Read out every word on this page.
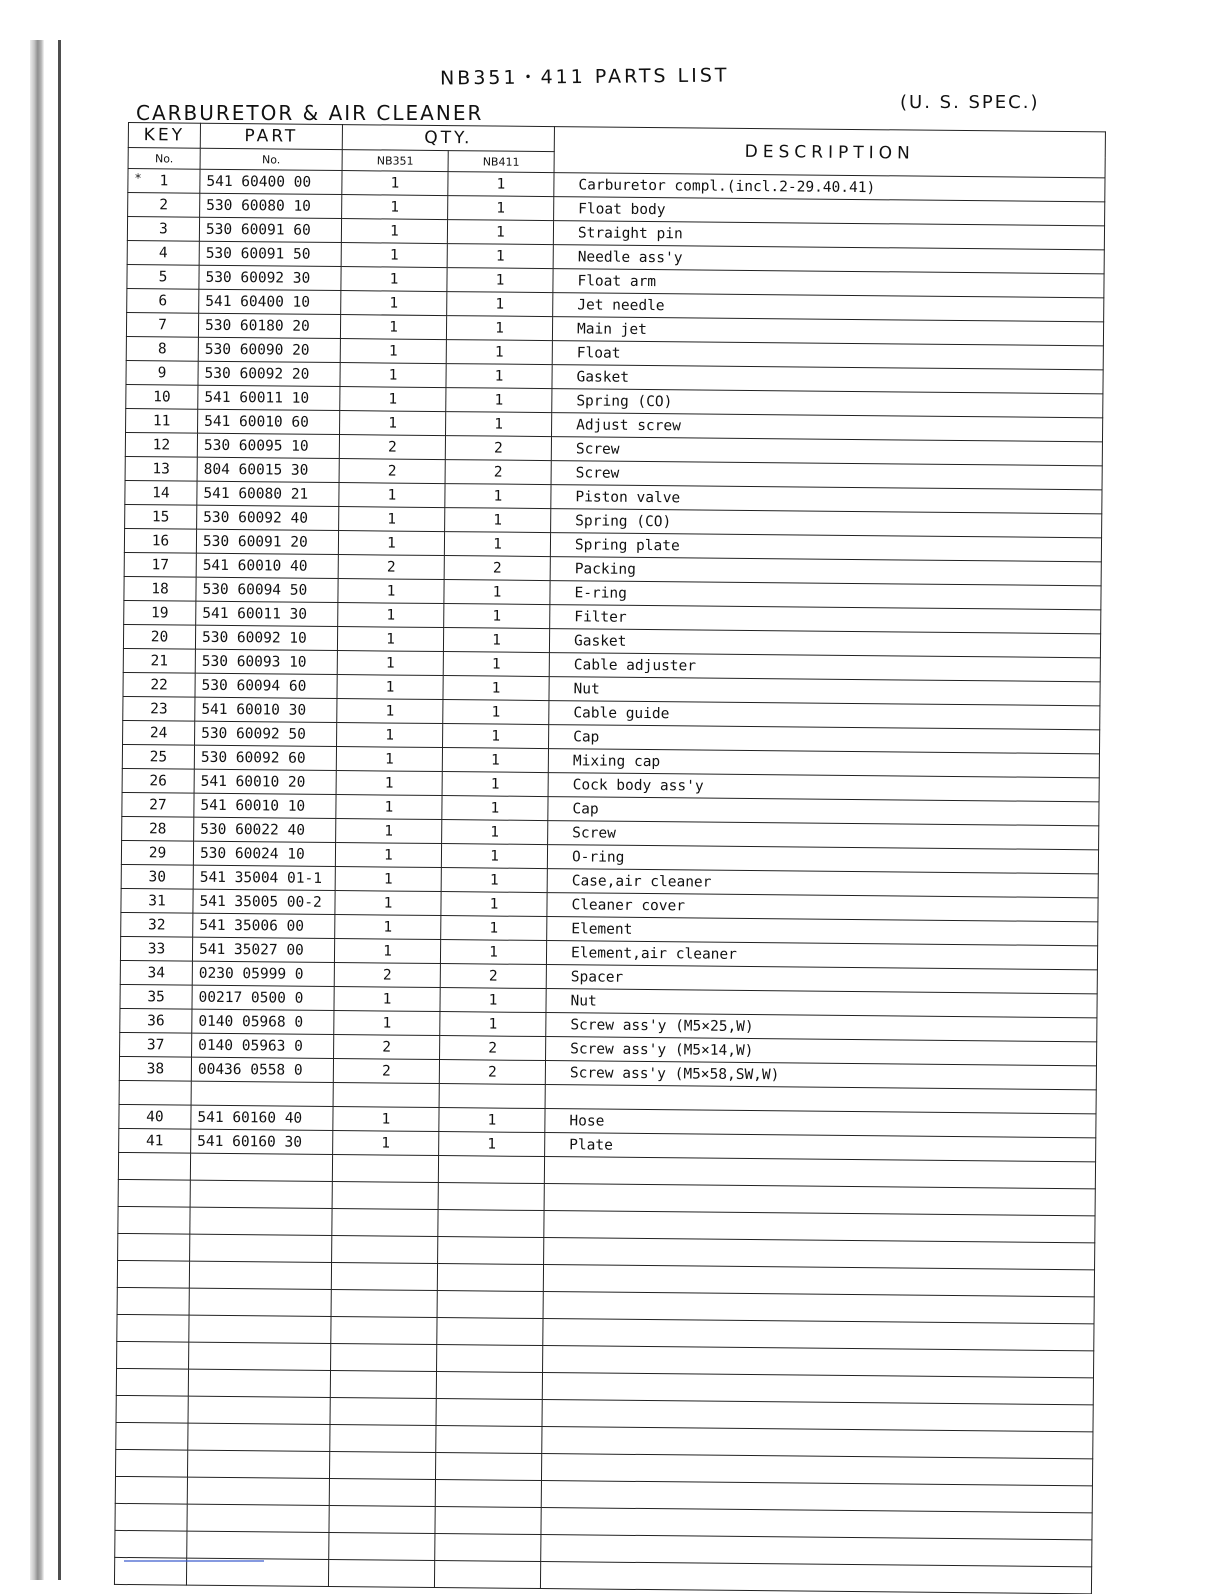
NB351・411 PARTS LIST
CARBURETOR & AIR CLEANER	(U. S. SPEC.)
KEY	PART	QTY.		DESCRIPTION
No.	No.	NB351	NB411	

* 1	541 60400 00	1	1	Carburetor compl.(incl.2-29.40.41)
2	530 60080 10	1	1	Float body
3	530 60091 60	1	1	Straight pin
4	530 60091 50	1	1	Needle ass'y
5	530 60092 30	1	1	Float arm
6	541 60400 10	1	1	Jet needle
7	530 60180 20	1	1	Main jet
8	530 60090 20	1	1	Float
9	530 60092 20	1	1	Gasket
10	541 60011 10	1	1	Spring (CO)
11	541 60010 60	1	1	Adjust screw
12	530 60095 10	2	2	Screw
13	804 60015 30	2	2	Screw
14	541 60080 21	1	1	Piston valve
15	530 60092 40	1	1	Spring (CO)
16	530 60091 20	1	1	Spring plate
17	541 60010 40	2	2	Packing
18	530 60094 50	1	1	E-ring
19	541 60011 30	1	1	Filter
20	530 60092 10	1	1	Gasket
21	530 60093 10	1	1	Cable adjuster
22	530 60094 60	1	1	Nut
23	541 60010 30	1	1	Cable guide
24	530 60092 50	1	1	Cap
25	530 60092 60	1	1	Mixing cap
26	541 60010 20	1	1	Cock body ass'y
27	541 60010 10	1	1	Cap
28	530 60022 40	1	1	Screw
29	530 60024 10	1	1	O-ring
30	541 35004 01-1	1	1	Case,air cleaner
31	541 35005 00-2	1	1	Cleaner cover
32	541 35006 00	1	1	Element
33	541 35027 00	1	1	Element,air cleaner
34	0230 05999 0	2	2	Spacer
35	00217 0500 0	1	1	Nut
36	0140 05968 0	1	1	Screw ass'y (M5×25,W)
37	0140 05963 0	2	2	Screw ass'y (M5×14,W)
38	00436 0558 0	2	2	Screw ass'y (M5×58,SW,W)

40	541 60160 40	1	1	Hose
41	541 60160 30	1	1	Plate
